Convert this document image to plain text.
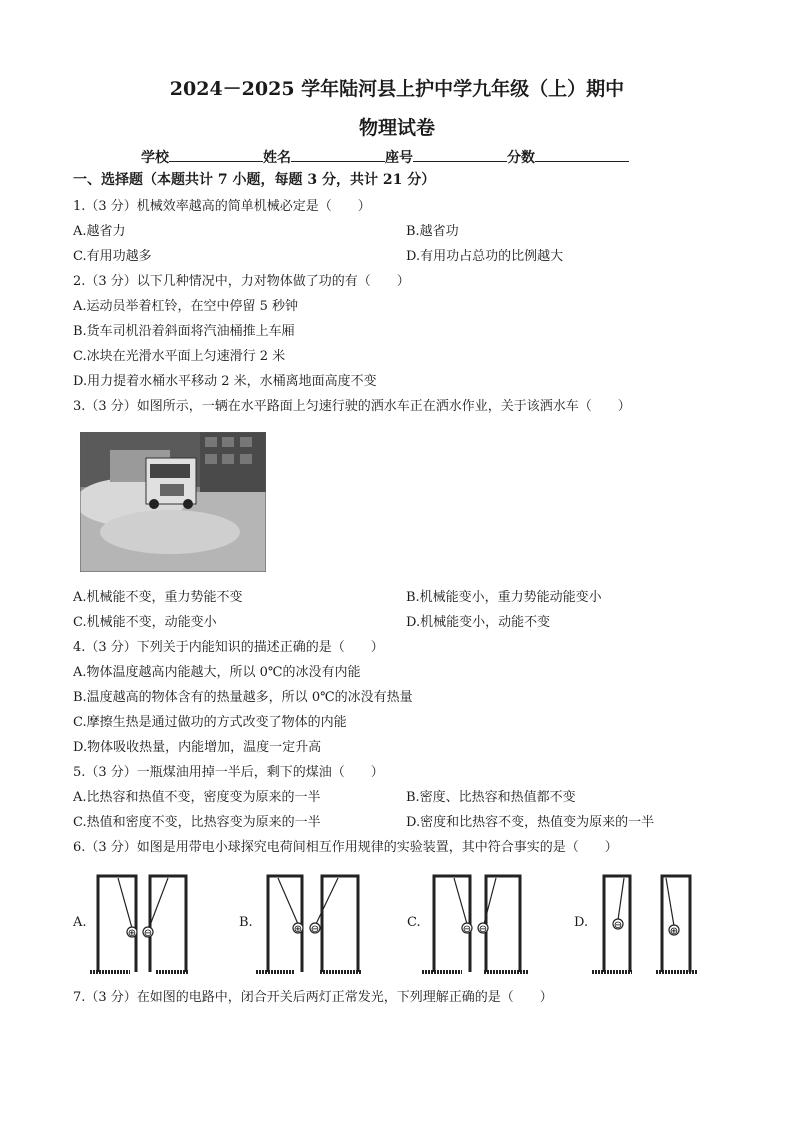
2024－2025 学年陆河县上护中学九年级（上）期中
物理试卷
学校	姓名	座号	分数
一、选择题（本题共计 7 小题，每题 3 分，共计 21 分）
1.（3 分）机械效率越高的简单机械必定是（　　）
A.越省力	B.越省功
C.有用功越多	D.有用功占总功的比例越大
2.（3 分）以下几种情况中，力对物体做了功的有（　　）
A.运动员举着杠铃，在空中停留 5 秒钟
B.货车司机沿着斜面将汽油桶推上车厢
C.冰块在光滑水平面上匀速滑行 2 米
D.用力提着水桶水平移动 2 米，水桶离地面高度不变
3.（3 分）如图所示，一辆在水平路面上匀速行驶的洒水车正在洒水作业，关于该洒水车（　　）
A.机械能不变，重力势能不变	B.机械能变小，重力势能动能变小
C.机械能不变，动能变小	D.机械能变小，动能不变
4.（3 分）下列关于内能知识的描述正确的是（　　）
A.物体温度越高内能越大，所以 0℃的冰没有内能
B.温度越高的物体含有的热量越多，所以 0℃的冰没有热量
C.摩擦生热是通过做功的方式改变了物体的内能
D.物体吸收热量，内能增加，温度一定升高
5.（3 分）一瓶煤油用掉一半后，剩下的煤油（　　）
A.比热容和热值不变，密度变为原来的一半	B.密度、比热容和热值都不变
C.热值和密度不变，比热容变为原来的一半	D.密度和比热容不变，热值变为原来的一半
6.（3 分）如图是用带电小球探究电荷间相互作用规律的实验装置，其中符合事实的是（　　）
A.	B.	C.	D.
⊕ ⊖	⊕ ⊖	⊖ ⊖	⊖
⊕
7.（3 分）在如图的电路中，闭合开关后两灯正常发光，下列理解正确的是（　　）
